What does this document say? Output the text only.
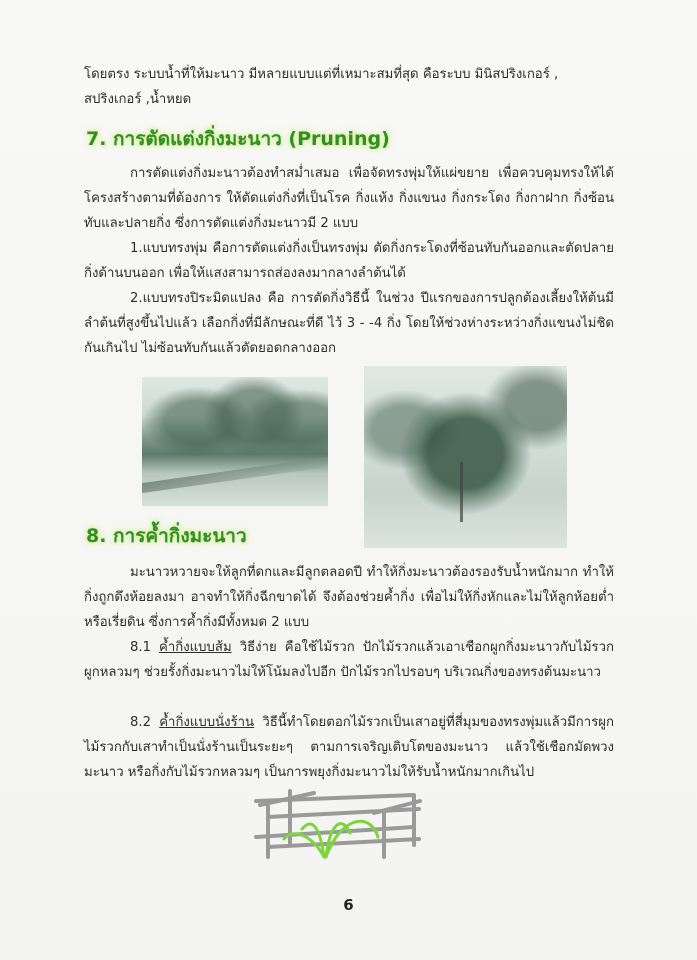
โดยตรง ระบบน้ำที่ให้มะนาว มีหลายแบบแต่ที่เหมาะสมที่สุด คือระบบ มินิสปริงเกอร์ ,

สปริงเกอร์ ,น้ำหยด

7. การตัดแต่งกิ่งมะนาว (Pruning)

การตัดแต่งกิ่งมะนาวต้องทำสม่ำเสมอ เพื่อจัดทรงพุ่มให้แผ่ขยาย เพื่อควบคุมทรงให้ได้โครงสร้างตามที่ต้องการ ให้ตัดแต่งกิ่งที่เป็นโรค กิ่งแห้ง กิ่งแขนง กิ่งกระโดง กิ่งกาฝาก กิ่งซ้อนทับและปลายกิ่ง ซึ่งการตัดแต่งกิ่งมะนาวมี 2 แบบ

1.แบบทรงพุ่ม คือการตัดแต่งกิ่งเป็นทรงพุ่ม ตัดกิ่งกระโดงที่ซ้อนทับกันออกและตัดปลายกิ่งด้านบนออก เพื่อให้แสงสามารถส่องลงมากลางลำต้นได้

2.แบบทรงปิระมิดแปลง คือ การตัดกิ่งวิธีนี้ ในช่วง ปีแรกของการปลูกต้องเลี้ยงให้ต้นมีลำต้นที่สูงขึ้นไปแล้ว เลือกกิ่งที่มีลักษณะที่ดี ไว้ 3 - -4 กิ่ง โดยให้ช่วงห่างระหว่างกิ่งแขนงไม่ชิดกันเกินไป ไม่ซ้อนทับกันแล้วตัดยอดกลางออก

8. การค้ำกิ่งมะนาว

มะนาวหวายจะให้ลูกที่ดกและมีลูกตลอดปี ทำให้กิ่งมะนาวต้องรองรับน้ำหนักมาก ทำให้กิ่งถูกดึงห้อยลงมา อาจทำให้กิ่งฉีกขาดได้ จึงต้องช่วยค้ำกิ่ง เพื่อไม่ให้กิ่งหักและไม่ให้ลูกห้อยต่ำหรือเรี่ยดิน ซึ่งการค้ำกิ่งมีทั้งหมด 2 แบบ

8.1 ค้ำกิ่งแบบส้ม วิธีง่าย คือใช้ไม้รวก ปักไม้รวกแล้วเอาเชือกผูกกิ่งมะนาวกับไม้รวก ผูกหลวมๆ ช่วยรั้งกิ่งมะนาวไม่ให้โน้มลงไปอีก ปักไม้รวกไปรอบๆ บริเวณกิ่งของทรงต้นมะนาว

8.2 ค้ำกิ่งแบบนั่งร้าน วิธีนี้ทำโดยตอกไม้รวกเป็นเสาอยู่ที่สี่มุมของทรงพุ่มแล้วมีการผูกไม้รวกกับเสาทำเป็นนั่งร้านเป็นระยะๆ ตามการเจริญเติบโตของมะนาว แล้วใช้เชือกมัดพวงมะนาว หรือกิ่งกับไม้รวกหลวมๆ เป็นการพยุงกิ่งมะนาวไม่ให้รับน้ำหนักมากเกินไป

6
